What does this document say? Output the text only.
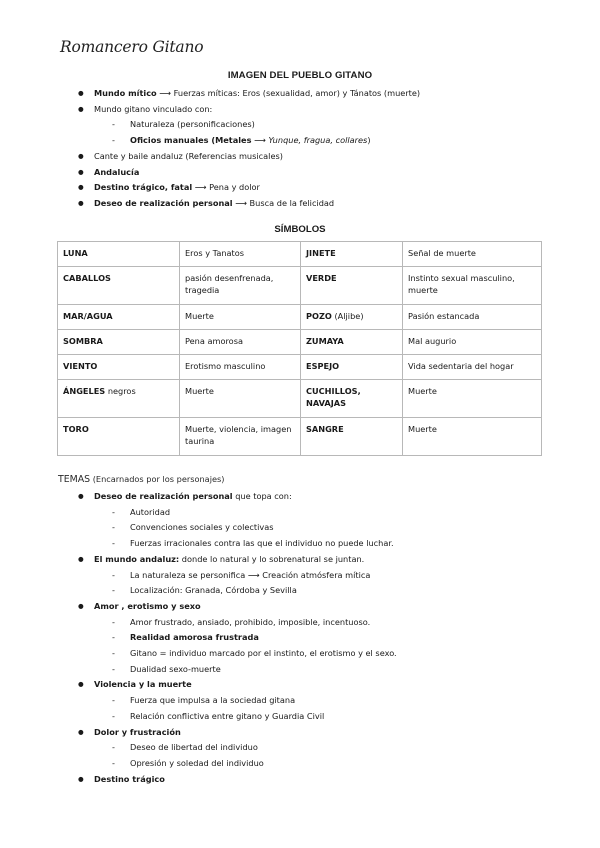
Romancero Gitano
IMAGEN DEL PUEBLO GITANO
● Mundo mítico ⟶ Fuerzas míticas: Eros (sexualidad, amor) y Tánatos (muerte)
● Mundo gitano vinculado con:
- Naturaleza (personificaciones)
- Oficios manuales (Metales ⟶ Yunque, fragua, collares)
● Cante y baile andaluz (Referencias musicales)
● Andalucía
● Destino trágico, fatal ⟶ Pena y dolor
● Deseo de realización personal ⟶ Busca de la felicidad
SÍMBOLOS
LUNA	Eros y Tanatos	JINETE	Señal de muerte
CABALLOS	pasión desenfrenada, tragedia	VERDE	Instinto sexual masculino, muerte
MAR/AGUA	Muerte	POZO (Aljibe)	Pasión estancada
SOMBRA	Pena amorosa	ZUMAYA	Mal augurio
VIENTO	Erotismo masculino	ESPEJO	Vida sedentaria del hogar
ÁNGELES negros	Muerte	CUCHILLOS, NAVAJAS	Muerte
TORO	Muerte, violencia, imagen taurina	SANGRE	Muerte
TEMAS (Encarnados por los personajes)
● Deseo de realización personal que topa con:
- Autoridad
- Convenciones sociales y colectivas
- Fuerzas irracionales contra las que el individuo no puede luchar.
● El mundo andaluz: donde lo natural y lo sobrenatural se juntan.
- La naturaleza se personifica ⟶ Creación atmósfera mítica
- Localización: Granada, Córdoba y Sevilla
● Amor , erotismo y sexo
- Amor frustrado, ansiado, prohibido, imposible, incentuoso.
- Realidad amorosa frustrada
- Gitano = individuo marcado por el instinto, el erotismo y el sexo.
- Dualidad sexo-muerte
● Violencia y la muerte
- Fuerza que impulsa a la sociedad gitana
- Relación conflictiva entre gitano y Guardia Civil
● Dolor y frustración
- Deseo de libertad del individuo
- Opresión y soledad del individuo
● Destino trágico
